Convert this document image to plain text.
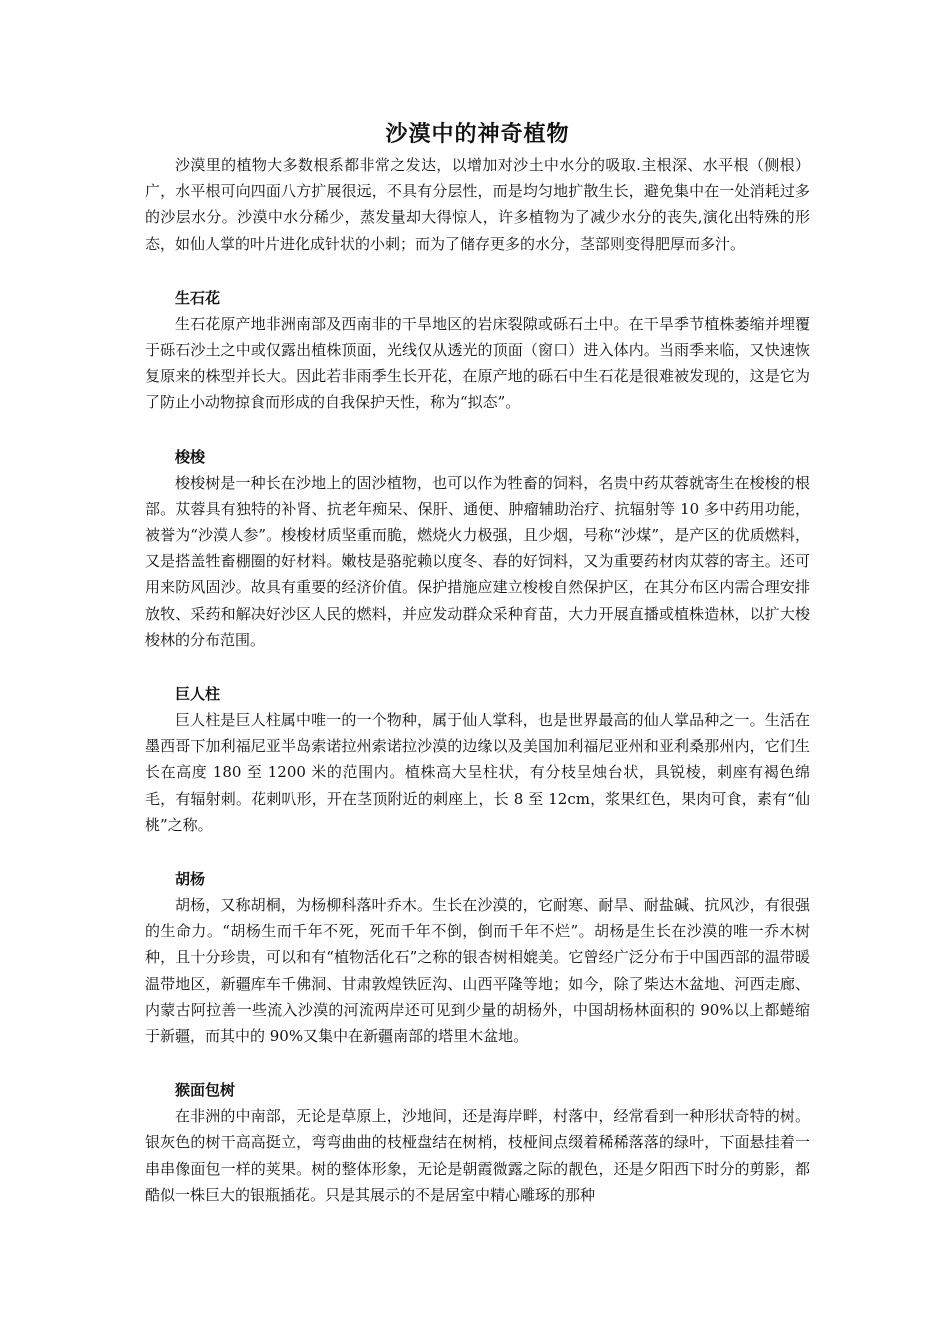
沙漠中的神奇植物

沙漠里的植物大多数根系都非常之发达，以增加对沙土中水分的吸取.主根深、水平根（侧根）广，水平根可向四面八方扩展很远，不具有分层性，而是均匀地扩散生长，避免集中在一处消耗过多的沙层水分。沙漠中水分稀少，蒸发量却大得惊人，许多植物为了减少水分的丧失,演化出特殊的形态，如仙人掌的叶片进化成针状的小刺；而为了储存更多的水分，茎部则变得肥厚而多汁。

生石花

生石花原产地非洲南部及西南非的干旱地区的岩床裂隙或砾石土中。在干旱季节植株萎缩并埋覆于砾石沙土之中或仅露出植株顶面，光线仅从透光的顶面（窗口）进入体内。当雨季来临，又快速恢复原来的株型并长大。因此若非雨季生长开花，在原产地的砾石中生石花是很难被发现的，这是它为了防止小动物掠食而形成的自我保护天性，称为“拟态”。

梭梭

梭梭树是一种长在沙地上的固沙植物，也可以作为牲畜的饲料，名贵中药苁蓉就寄生在梭梭的根部。苁蓉具有独特的补肾、抗老年痴呆、保肝、通便、肿瘤辅助治疗、抗辐射等 10 多中药用功能，被誉为“沙漠人参”。梭梭材质坚重而脆，燃烧火力极强，且少烟，号称“沙煤”，是产区的优质燃料，又是搭盖牲畜棚圈的好材料。嫩枝是骆驼赖以度冬、春的好饲料，又为重要药材肉苁蓉的寄主。还可用来防风固沙。故具有重要的经济价值。保护措施应建立梭梭自然保护区，在其分布区内需合理安排放牧、采药和解决好沙区人民的燃料，并应发动群众采种育苗，大力开展直播或植株造林，以扩大梭梭林的分布范围。

巨人柱

巨人柱是巨人柱属中唯一的一个物种，属于仙人掌科，也是世界最高的仙人掌品种之一。生活在墨西哥下加利福尼亚半岛索诺拉州索诺拉沙漠的边缘以及美国加利福尼亚州和亚利桑那州内，它们生长在高度 180 至 1200 米的范围内。植株高大呈柱状，有分枝呈烛台状，具锐棱，刺座有褐色绵毛，有辐射刺。花刺叭形，开在茎顶附近的刺座上，长 8 至 12cm，浆果红色，果肉可食，素有“仙桃”之称。

胡杨

胡杨，又称胡桐，为杨柳科落叶乔木。生长在沙漠的，它耐寒、耐旱、耐盐碱、抗风沙，有很强的生命力。“胡杨生而千年不死，死而千年不倒，倒而千年不烂”。胡杨是生长在沙漠的唯一乔木树种，且十分珍贵，可以和有“植物活化石”之称的银杏树相媲美。它曾经广泛分布于中国西部的温带暖温带地区，新疆库车千佛洞、甘肃敦煌铁匠沟、山西平隆等地；如今，除了柴达木盆地、河西走廊、内蒙古阿拉善一些流入沙漠的河流两岸还可见到少量的胡杨外，中国胡杨林面积的 90%以上都蜷缩于新疆，而其中的 90%又集中在新疆南部的塔里木盆地。

猴面包树

在非洲的中南部，无论是草原上，沙地间，还是海岸畔，村落中，经常看到一种形状奇特的树。银灰色的树干高高挺立，弯弯曲曲的枝桠盘结在树梢，枝桠间点缀着稀稀落落的绿叶，下面悬挂着一串串像面包一样的荚果。树的整体形象，无论是朝霞微露之际的靓色，还是夕阳西下时分的剪影，都酷似一株巨大的银瓶插花。只是其展示的不是居室中精心雕琢的那种
